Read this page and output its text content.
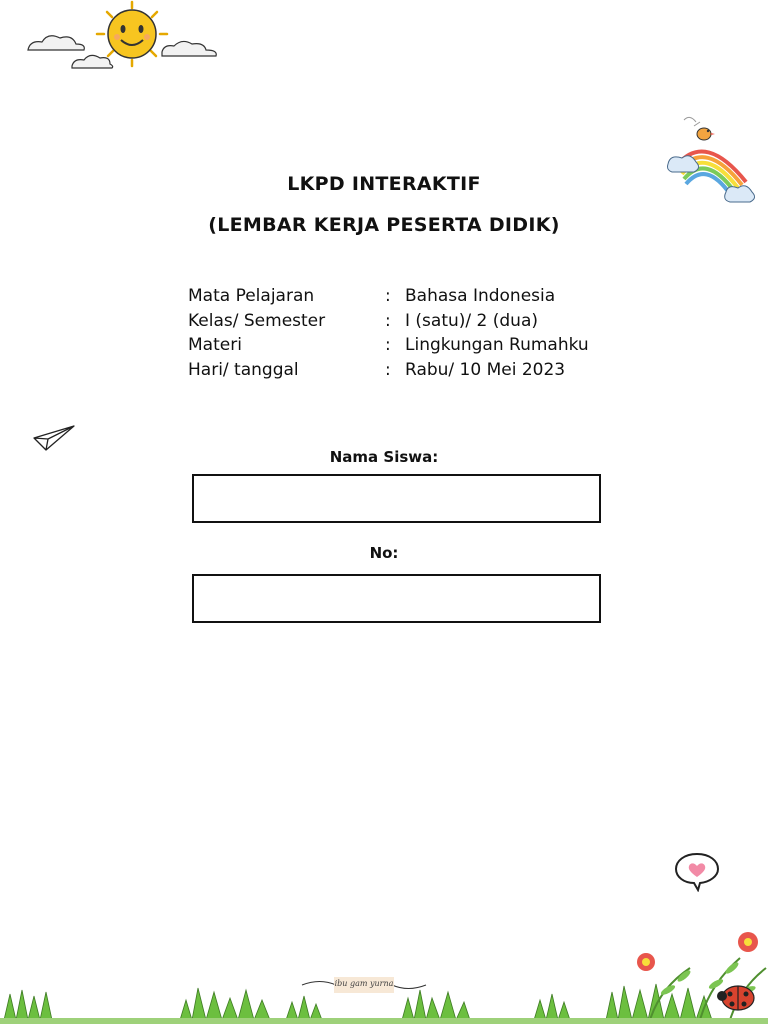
LKPD INTERAKTIF
(LEMBAR KERJA PESERTA DIDIK)
Mata Pelajaran	: Bahasa Indonesia
Kelas/ Semester	: I (satu)/ 2 (dua)
Materi	: Lingkungan Rumahku
Hari/ tanggal	: Rabu/ 10 Mei 2023
Nama Siswa:
No:
ibu gam yurna
